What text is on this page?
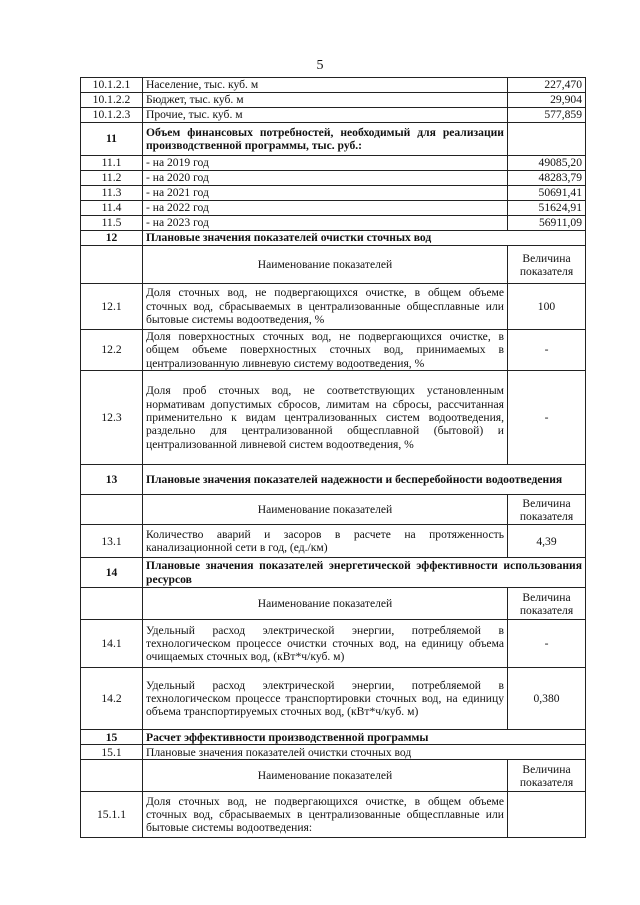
5
10.1.2.1	Население, тыс. куб. м	227,470
10.1.2.2	Бюджет, тыс. куб. м	29,904
10.1.2.3	Прочие, тыс. куб. м	577,859
11	Объем финансовых потребностей, необходимый для реализации производственной программы, тыс. руб.:	
11.1	- на 2019 год	49085,20
11.2	- на 2020 год	48283,79
11.3	- на 2021 год	50691,41
11.4	- на 2022 год	51624,91
11.5	- на 2023 год	56911,09
12	Плановые значения показателей очистки сточных вод	
	Наименование показателей	Величина показателя
12.1	Доля сточных вод, не подвергающихся очистке, в общем объеме сточных вод, сбрасываемых в централизованные общесплавные или бытовые системы водоотведения, %	100
12.2	Доля поверхностных сточных вод, не подвергающихся очистке, в общем объеме поверхностных сточных вод, принимаемых в централизованную ливневую систему водоотведения, %	-
12.3	Доля проб сточных вод, не соответствующих установленным нормативам допустимых сбросов, лимитам на сбросы, рассчитанная применительно к видам централизованных систем водоотведения, раздельно для централизованной общесплавной (бытовой) и централизованной ливневой систем водоотведения, %	-
13	Плановые значения показателей надежности и бесперебойности водоотведения	
	Наименование показателей	Величина показателя
13.1	Количество аварий и засоров в расчете на протяженность канализационной сети в год, (ед./км)	4,39
14	Плановые значения показателей энергетической эффективности использования ресурсов	
	Наименование показателей	Величина показателя
14.1	Удельный расход электрической энергии, потребляемой в технологическом процессе очистки сточных вод, на единицу объема очищаемых сточных вод, (кВт*ч/куб. м)	-
14.2	Удельный расход электрической энергии, потребляемой в технологическом процессе транспортировки сточных вод, на единицу объема транспортируемых сточных вод, (кВт*ч/куб. м)	0,380
15	Расчет эффективности производственной программы	
15.1	Плановые значения показателей очистки сточных вод	
	Наименование показателей	Величина показателя
15.1.1	Доля сточных вод, не подвергающихся очистке, в общем объеме сточных вод, сбрасываемых в централизованные общесплавные или бытовые системы водоотведения:	
